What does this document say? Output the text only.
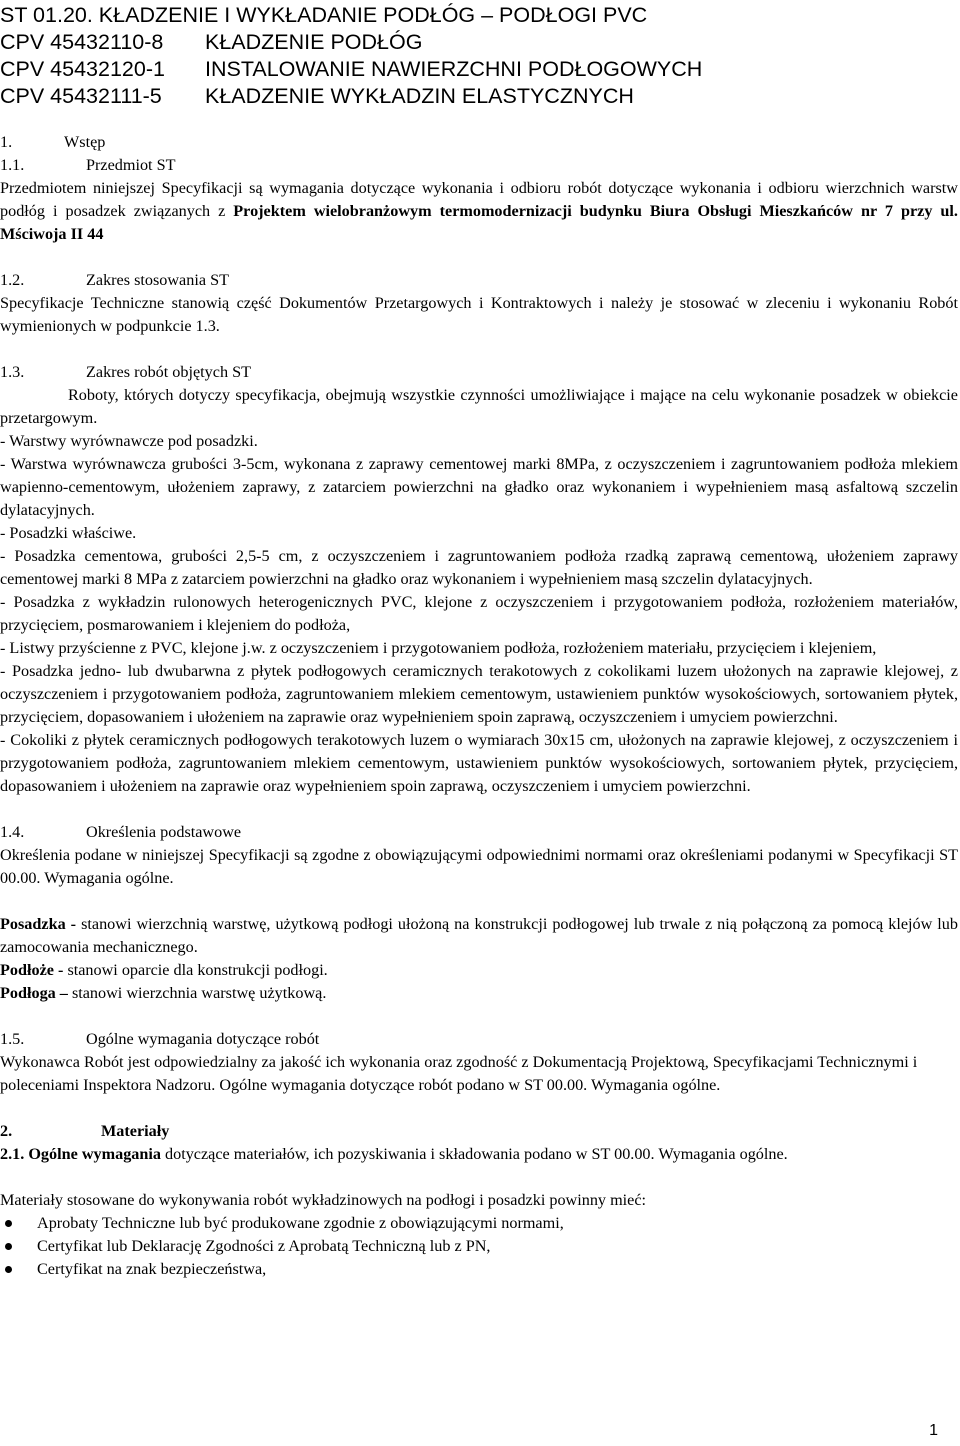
ST 01.20. KŁADZENIE I WYKŁADANIE PODŁÓG – PODŁOGI PVC
CPV 45432110-8	KŁADZENIE PODŁÓG
CPV 45432120-1	INSTALOWANIE NAWIERZCHNI PODŁOGOWYCH
CPV 45432111-5	KŁADZENIE WYKŁADZIN ELASTYCZNYCH
1.	Wstęp
1.1.	Przedmiot ST

Przedmiotem niniejszej Specyfikacji są wymagania dotyczące wykonania i odbioru robót dotyczące wykonania i odbioru wierzchnich warstw podłóg i posadzek związanych z Projektem wielobranżowym termomodernizacji budynku Biura Obsługi Mieszkańców nr 7 przy ul. Mściwoja II 44

1.2.	Zakres stosowania ST

Specyfikacje Techniczne stanowią część Dokumentów Przetargowych i Kontraktowych i należy je stosować w zleceniu i wykonaniu Robót wymienionych w podpunkcie 1.3.

1.3.	Zakres robót objętych ST

Roboty, których dotyczy specyfikacja, obejmują wszystkie czynności umożliwiające i mające na celu wykonanie posadzek w obiekcie przetargowym.

- Warstwy wyrównawcze pod posadzki.

- Warstwa wyrównawcza grubości 3-5cm, wykonana z zaprawy cementowej marki 8MPa, z oczyszczeniem i zagruntowaniem podłoża mlekiem wapienno-cementowym, ułożeniem zaprawy, z zatarciem powierzchni na gładko oraz wykonaniem i wypełnieniem masą asfaltową szczelin dylatacyjnych.

- Posadzki właściwe.

- Posadzka cementowa, grubości 2,5-5 cm, z oczyszczeniem i zagruntowaniem podłoża rzadką zaprawą cementową, ułożeniem zaprawy cementowej marki 8 MPa z zatarciem powierzchni na gładko oraz wykonaniem i wypełnieniem masą szczelin dylatacyjnych.

- Posadzka z wykładzin rulonowych heterogenicznych PVC, klejone z oczyszczeniem i przygotowaniem podłoża, rozłożeniem materiałów, przycięciem, posmarowaniem i klejeniem do podłoża,

- Listwy przyścienne z PVC, klejone j.w. z oczyszczeniem i przygotowaniem podłoża, rozłożeniem materiału, przycięciem i klejeniem,

- Posadzka jedno- lub dwubarwna z płytek podłogowych ceramicznych terakotowych z cokolikami luzem ułożonych na zaprawie klejowej, z oczyszczeniem i przygotowaniem podłoża, zagruntowaniem mlekiem cementowym, ustawieniem punktów wysokościowych, sortowaniem płytek, przycięciem, dopasowaniem i ułożeniem na zaprawie oraz wypełnieniem spoin zaprawą, oczyszczeniem i umyciem powierzchni.

- Cokoliki z płytek ceramicznych podłogowych terakotowych luzem o wymiarach 30x15 cm, ułożonych na zaprawie klejowej, z oczyszczeniem i przygotowaniem podłoża, zagruntowaniem mlekiem cementowym, ustawieniem punktów wysokościowych, sortowaniem płytek, przycięciem, dopasowaniem i ułożeniem na zaprawie oraz wypełnieniem spoin zaprawą, oczyszczeniem i umyciem powierzchni.

1.4.	Określenia podstawowe

Określenia podane w niniejszej Specyfikacji są zgodne z obowiązującymi odpowiednimi normami oraz określeniami podanymi w Specyfikacji ST 00.00. Wymagania ogólne.

Posadzka - stanowi wierzchnią warstwę, użytkową podłogi ułożoną na konstrukcji podłogowej lub trwale z nią połączoną za pomocą klejów lub zamocowania mechanicznego.

Podłoże - stanowi oparcie dla konstrukcji podłogi.

Podłoga – stanowi wierzchnia warstwę użytkową.

1.5.	Ogólne wymagania dotyczące robót

Wykonawca Robót jest odpowiedzialny za jakość ich wykonania oraz zgodność z Dokumentacją Projektową, Specyfikacjami Technicznymi i poleceniami Inspektora Nadzoru. Ogólne wymagania dotyczące robót podano w ST 00.00. Wymagania ogólne.

2.	Materiały

2.1. Ogólne wymagania dotyczące materiałów, ich pozyskiwania i składowania podano w ST 00.00. Wymagania ogólne.

Materiały stosowane do wykonywania robót wykładzinowych na podłogi i posadzki powinny mieć:

Aprobaty Techniczne lub być produkowane zgodnie z obowiązującymi normami,
Certyfikat lub Deklarację Zgodności z Aprobatą Techniczną lub z PN,
Certyfikat na znak bezpieczeństwa,
1
